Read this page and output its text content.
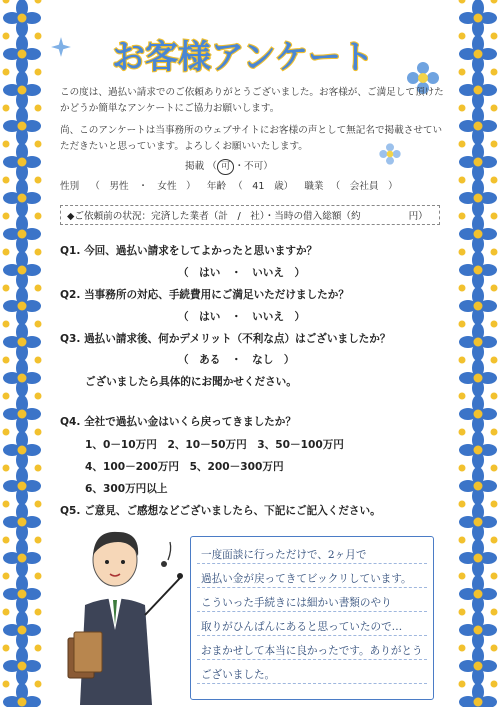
お客様アンケート
この度は、過払い請求でのご依頼ありがとうございました。お客様が、ご満足して頂けた
かどうか簡単なアンケートにご協力お願いします。
尚、このアンケートは当事務所のウェブサイトにお客様の声として無記名で掲載させてい
ただきたいと思っています。よろしくお願いいたします。
掲載 （ 可 ・不可）
性別 （　男性　・　女性　） 年齢 （　41　歳） 職業 （　会社員　）
◆ご依頼前の状況：完済した業者（計　/　社）・当時の借入総額（約　　　　　円）
Q1. 今回、過払い請求をしてよかったと思いますか？
（　はい　・　いいえ　）
Q2. 当事務所の対応、手続費用にご満足いただけましたか？
（　はい　・　いいえ　）
Q3. 過払い請求後、何かデメリット（不利な点）はございましたか？
（　ある　・　なし　）
ございましたら具体的にお聞かせください。
Q4. 全社で過払い金はいくら戻ってきましたか？
1、0－10万円　2、10－50万円　3、50－100万円
4、100－200万円　5、200－300万円
6、300万円以上
Q5. ご意見、ご感想などございましたら、下記にご記入ください。
一度面談に行っただけで、2ヶ月で
過払い金が戻ってきてビックリしています。
こういった手続きには細かい書類のやり
取りがひんぱんにあると思っていたので…
おまかせして本当に良かったです。ありがとう
ございました。
